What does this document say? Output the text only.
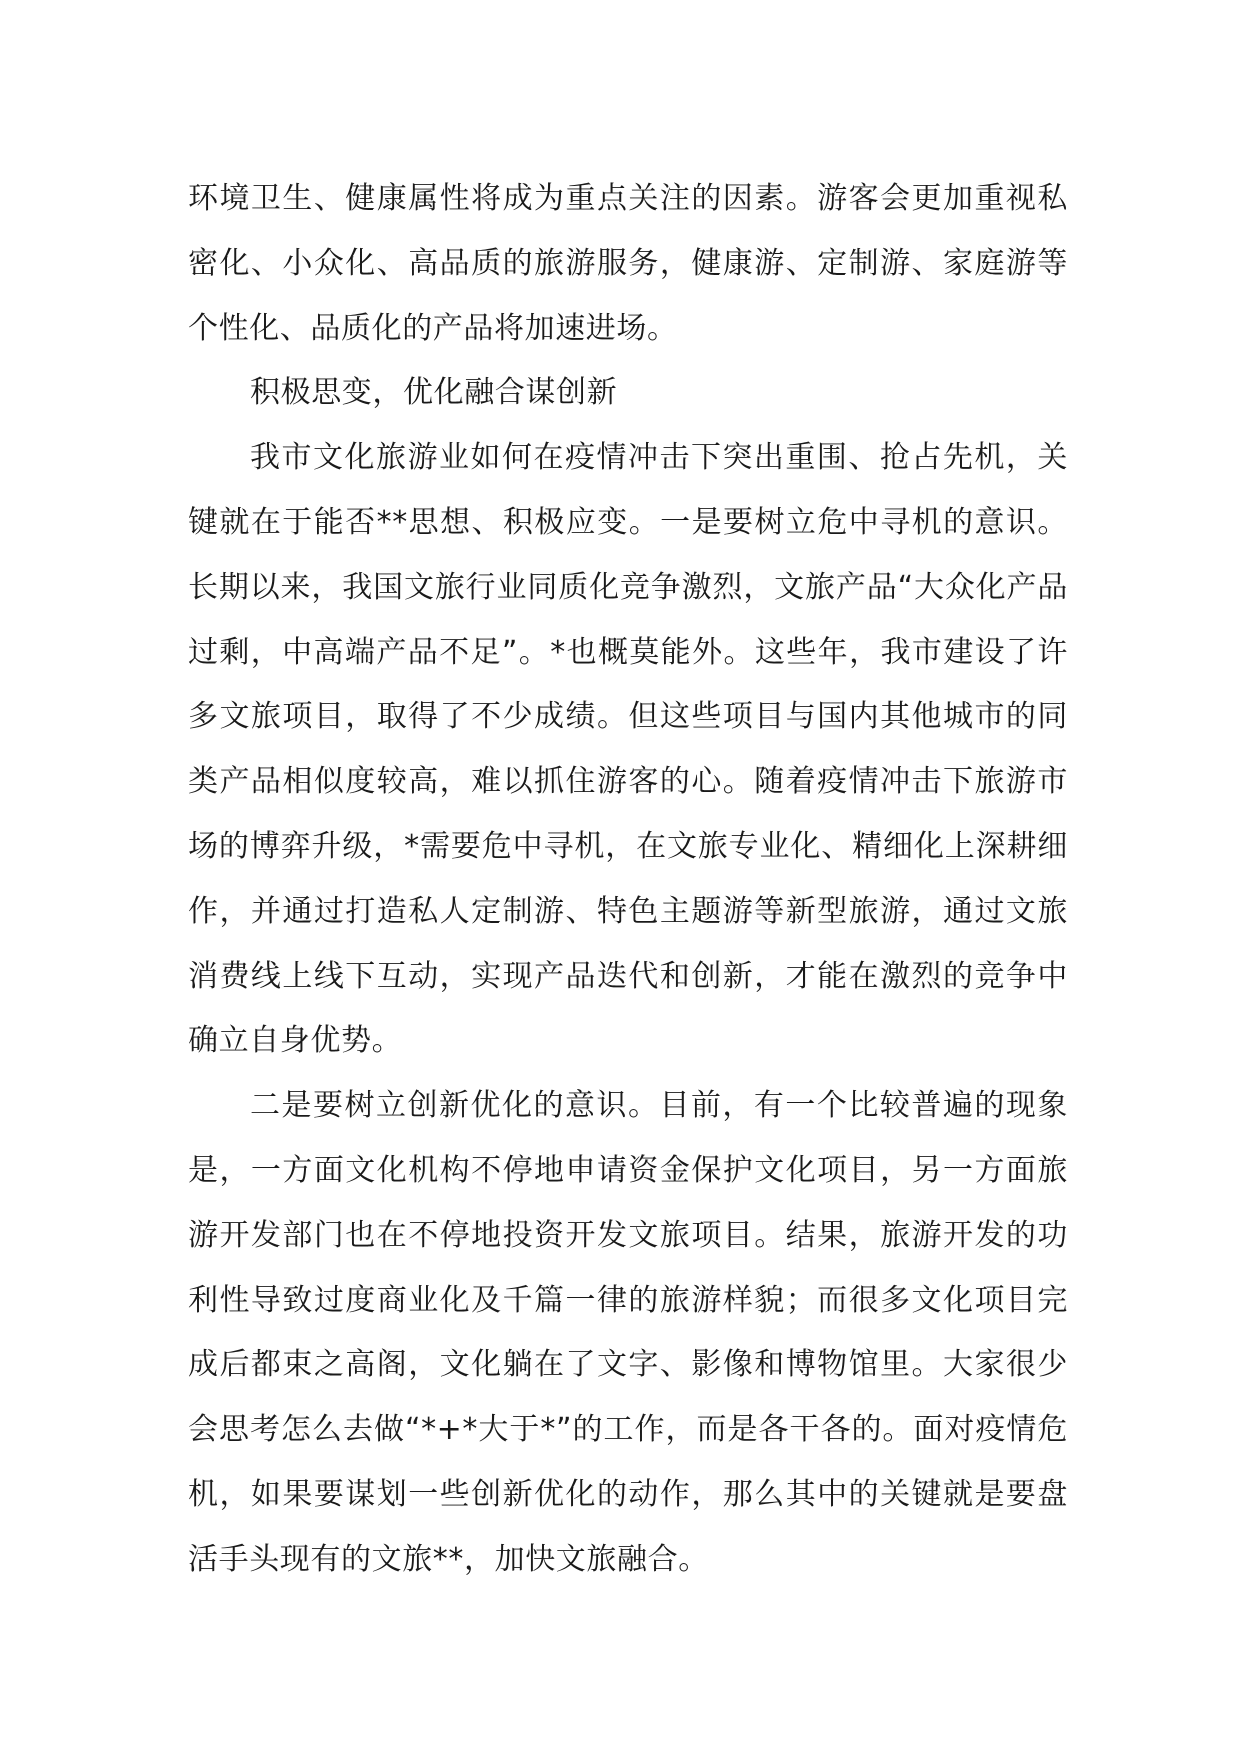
环境卫生、健康属性将成为重点关注的因素。游客会更加重视私密化、小众化、高品质的旅游服务，健康游、定制游、家庭游等个性化、品质化的产品将加速进场。

积极思变，优化融合谋创新

我市文化旅游业如何在疫情冲击下突出重围、抢占先机，关键就在于能否**思想、积极应变。一是要树立危中寻机的意识。长期以来，我国文旅行业同质化竞争激烈，文旅产品“大众化产品过剩，中高端产品不足”。*也概莫能外。这些年，我市建设了许多文旅项目，取得了不少成绩。但这些项目与国内其他城市的同类产品相似度较高，难以抓住游客的心。随着疫情冲击下旅游市场的博弈升级，*需要危中寻机，在文旅专业化、精细化上深耕细作，并通过打造私人定制游、特色主题游等新型旅游，通过文旅消费线上线下互动，实现产品迭代和创新，才能在激烈的竞争中确立自身优势。

二是要树立创新优化的意识。目前，有一个比较普遍的现象是，一方面文化机构不停地申请资金保护文化项目，另一方面旅游开发部门也在不停地投资开发文旅项目。结果，旅游开发的功利性导致过度商业化及千篇一律的旅游样貌；而很多文化项目完成后都束之高阁，文化躺在了文字、影像和博物馆里。大家很少会思考怎么去做“*+*大于*”的工作，而是各干各的。面对疫情危机，如果要谋划一些创新优化的动作，那么其中的关键就是要盘活手头现有的文旅**，加快文旅融合。
